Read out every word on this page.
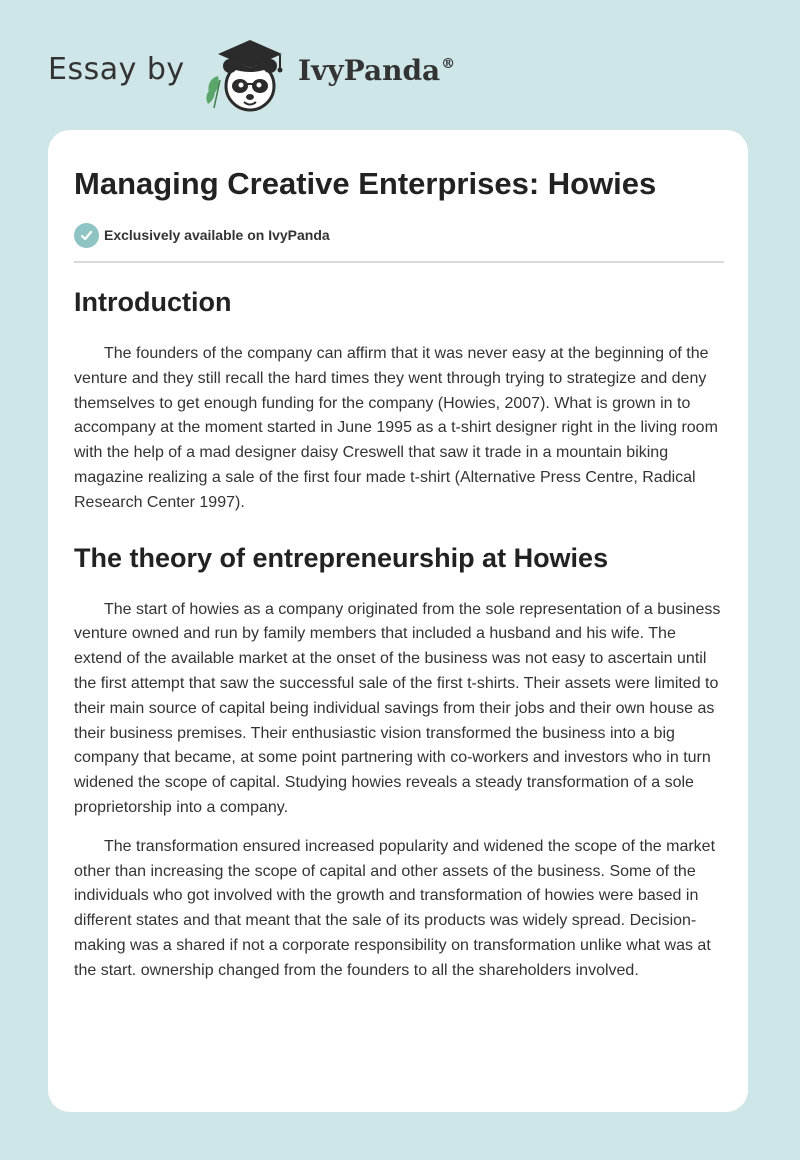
Essay by	IvyPanda®
Managing Creative Enterprises: Howies
Exclusively available on IvyPanda
Introduction

The founders of the company can affirm that it was never easy at the beginning of the venture and they still recall the hard times they went through trying to strategize and deny themselves to get enough funding for the company (Howies, 2007). What is grown in to accompany at the moment started in June 1995 as a t-shirt designer right in the living room with the help of a mad designer daisy Creswell that saw it trade in a mountain biking magazine realizing a sale of the first four made t-shirt (Alternative Press Centre, Radical Research Center 1997).

The theory of entrepreneurship at Howies

The start of howies as a company originated from the sole representation of a business venture owned and run by family members that included a husband and his wife. The extend of the available market at the onset of the business was not easy to ascertain until the first attempt that saw the successful sale of the first t-shirts. Their assets were limited to their main source of capital being individual savings from their jobs and their own house as their business premises. Their enthusiastic vision transformed the business into a big company that became, at some point partnering with co-workers and investors who in turn widened the scope of capital. Studying howies reveals a steady transformation of a sole proprietorship into a company.

The transformation ensured increased popularity and widened the scope of the market other than increasing the scope of capital and other assets of the business. Some of the individuals who got involved with the growth and transformation of howies were based in different states and that meant that the sale of its products was widely spread. Decision-making was a shared if not a corporate responsibility on transformation unlike what was at the start. ownership changed from the founders to all the shareholders involved.
